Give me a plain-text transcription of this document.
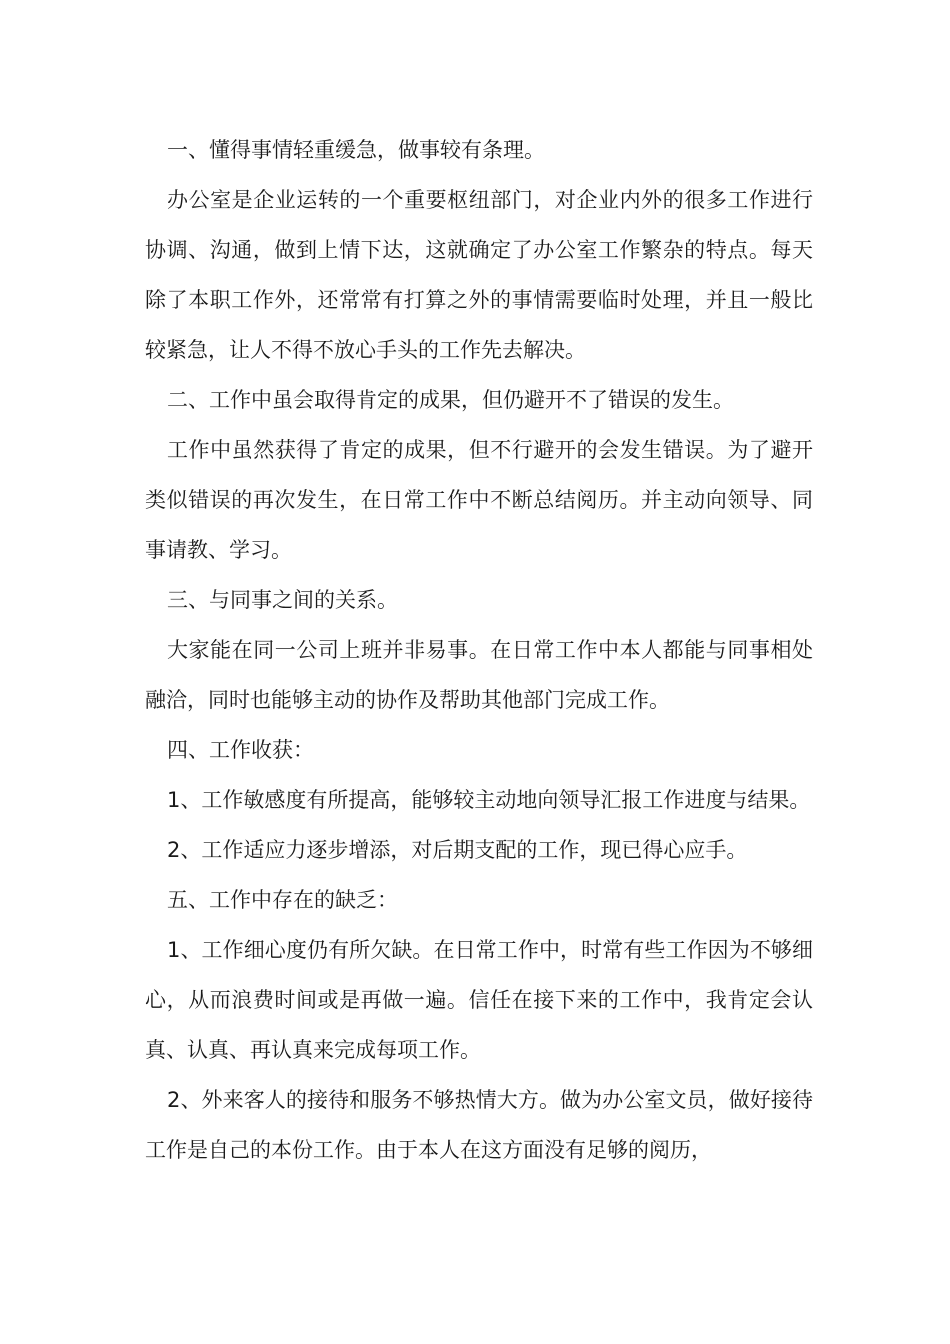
一、懂得事情轻重缓急，做事较有条理。

办公室是企业运转的一个重要枢纽部门，对企业内外的很多工作进行协调、沟通，做到上情下达，这就确定了办公室工作繁杂的特点。每天除了本职工作外，还常常有打算之外的事情需要临时处理，并且一般比较紧急，让人不得不放心手头的工作先去解决。

二、工作中虽会取得肯定的成果，但仍避开不了错误的发生。

工作中虽然获得了肯定的成果，但不行避开的会发生错误。为了避开类似错误的再次发生，在日常工作中不断总结阅历。并主动向领导、同事请教、学习。

三、与同事之间的关系。

大家能在同一公司上班并非易事。在日常工作中本人都能与同事相处融洽，同时也能够主动的协作及帮助其他部门完成工作。

四、工作收获：

1、工作敏感度有所提高，能够较主动地向领导汇报工作进度与结果。

2、工作适应力逐步增添，对后期支配的工作，现已得心应手。

五、工作中存在的缺乏：

1、工作细心度仍有所欠缺。在日常工作中，时常有些工作因为不够细心，从而浪费时间或是再做一遍。信任在接下来的工作中，我肯定会认真、认真、再认真来完成每项工作。

2、外来客人的接待和服务不够热情大方。做为办公室文员，做好接待工作是自己的本份工作。由于本人在这方面没有足够的阅历，
